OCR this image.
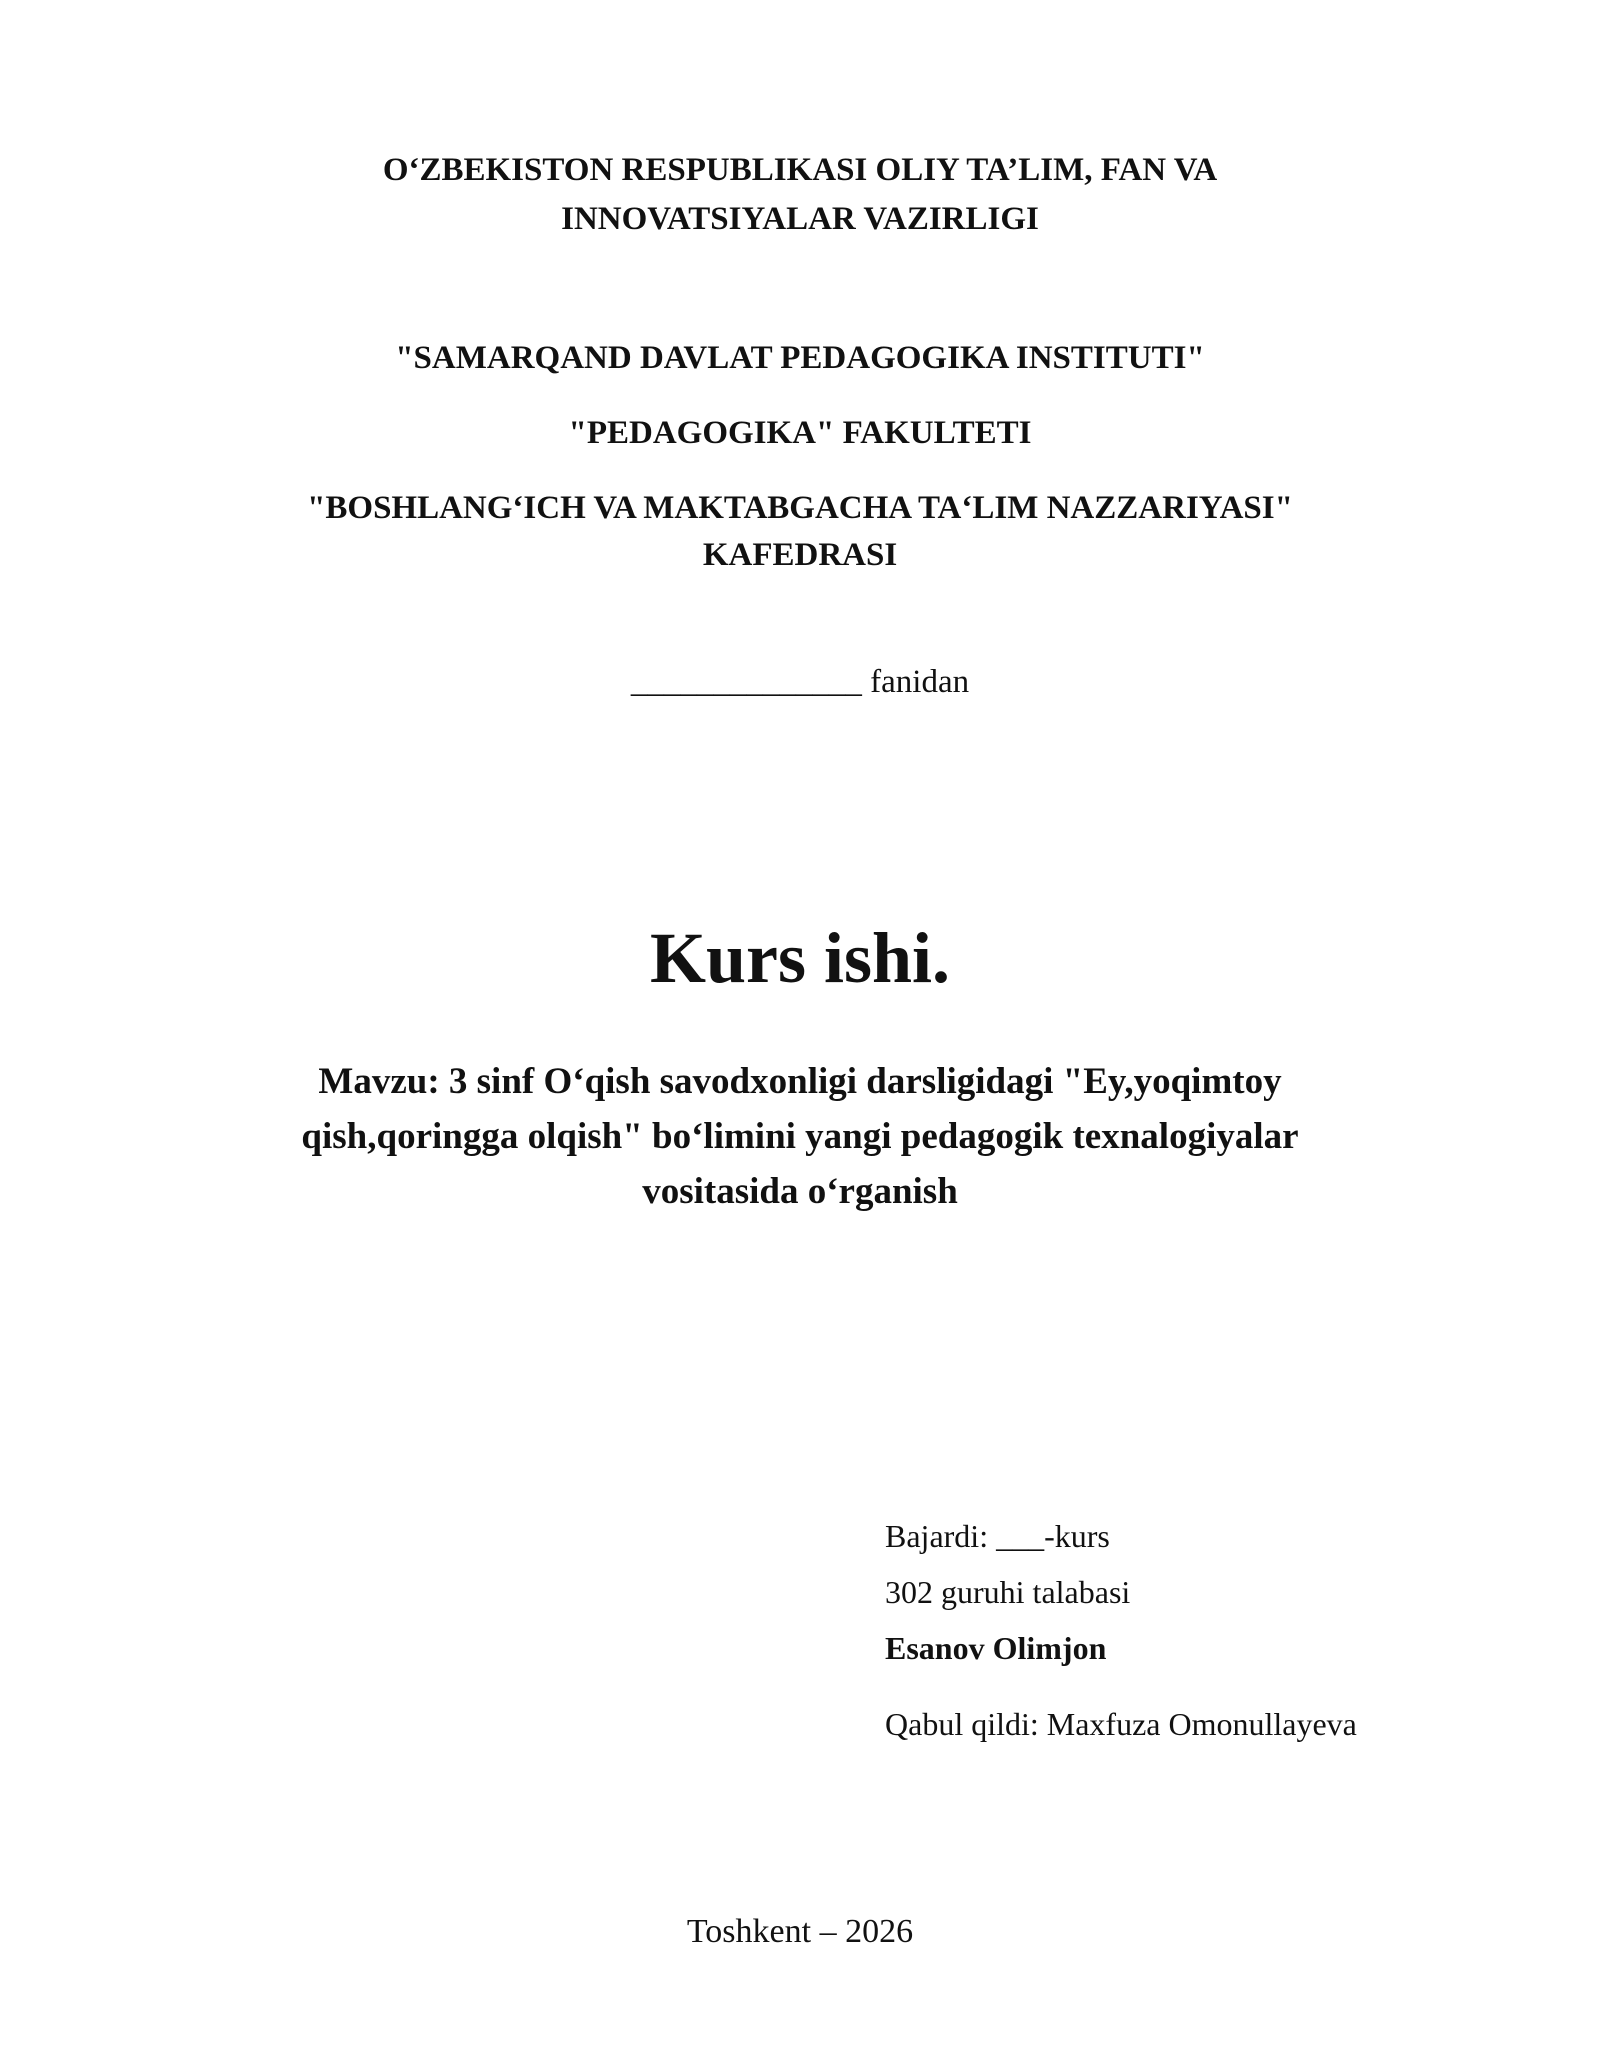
O‘ZBEKISTON RESPUBLIKASI OLIY TA’LIM, FAN VA
INNOVATSIYALAR VAZIRLIGI
"SAMARQAND DAVLAT PEDAGOGIKA INSTITUTI"
"PEDAGOGIKA" FAKULTETI
"BOSHLANG‘ICH VA MAKTABGACHA TA‘LIM NAZZARIYASI"
KAFEDRASI
______________ fanidan
Kurs ishi.
Mavzu: 3 sinf O‘qish savodxonligi darsligidagi "Ey,yoqimtoy
qish,qoringga olqish" bo‘limini yangi pedagogik texnalogiyalar
vositasida o‘rganish
Bajardi: ___-kurs
302 guruhi talabasi
Esanov Olimjon
Qabul qildi: Maxfuza Omonullayeva
Toshkent – 2026
